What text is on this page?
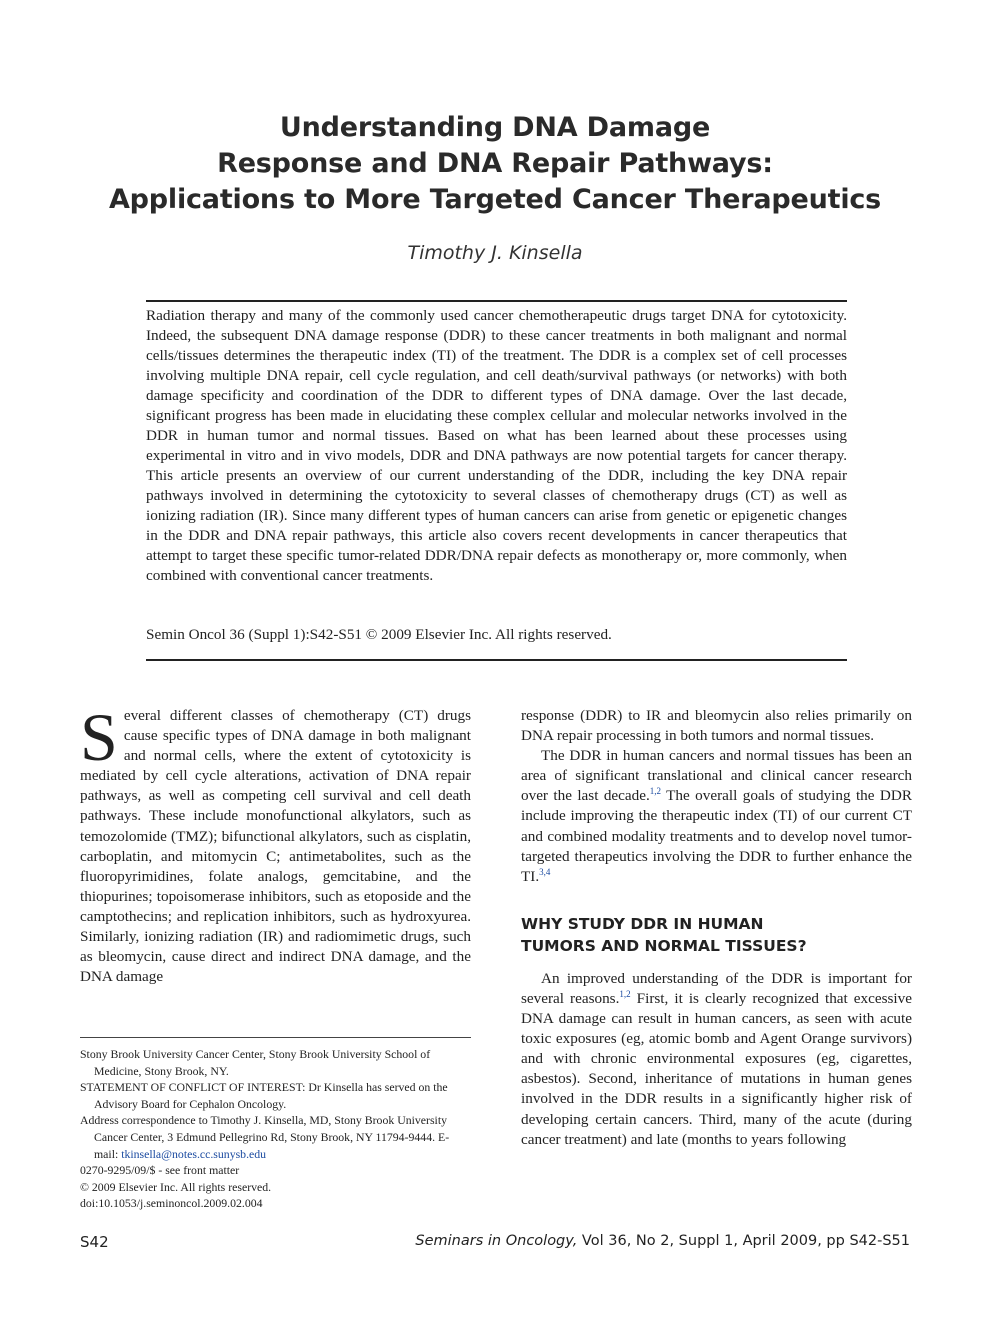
Understanding DNA Damage
Response and DNA Repair Pathways:
Applications to More Targeted Cancer Therapeutics
Timothy J. Kinsella
Radiation therapy and many of the commonly used cancer chemotherapeutic drugs target DNA for cytotoxicity. Indeed, the subsequent DNA damage response (DDR) to these cancer treatments in both malignant and normal cells/tissues determines the therapeutic index (TI) of the treatment. The DDR is a complex set of cell processes involving multiple DNA repair, cell cycle regulation, and cell death/survival pathways (or networks) with both damage specificity and coordination of the DDR to different types of DNA damage. Over the last decade, significant progress has been made in elucidating these complex cellular and molecular networks involved in the DDR in human tumor and normal tissues. Based on what has been learned about these processes using experimental in vitro and in vivo models, DDR and DNA pathways are now potential targets for cancer therapy. This article presents an overview of our current understanding of the DDR, including the key DNA repair pathways involved in determining the cytotoxicity to several classes of chemotherapy drugs (CT) as well as ionizing radiation (IR). Since many different types of human cancers can arise from genetic or epigenetic changes in the DDR and DNA repair pathways, this article also covers recent developments in cancer therapeutics that attempt to target these specific tumor-related DDR/DNA repair defects as monotherapy or, more commonly, when combined with conventional cancer treatments.
Semin Oncol 36 (Suppl 1):S42-S51 © 2009 Elsevier Inc. All rights reserved.

Several different classes of chemotherapy (CT) drugs cause specific types of DNA damage in both malignant and normal cells, where the extent of cytotoxicity is mediated by cell cycle alterations, activation of DNA repair pathways, as well as competing cell survival and cell death pathways. These include monofunctional alkylators, such as temozolomide (TMZ); bifunctional alkylators, such as cisplatin, carboplatin, and mitomycin C; antimetabolites, such as the fluoropyrimidines, folate analogs, gemcitabine, and the thiopurines; topoisomerase inhibitors, such as etoposide and the camptothecins; and replication inhibitors, such as hydroxyurea. Similarly, ionizing radiation (IR) and radiomimetic drugs, such as bleomycin, cause direct and indirect DNA damage, and the DNA damage

response (DDR) to IR and bleomycin also relies primarily on DNA repair processing in both tumors and normal tissues.

The DDR in human cancers and normal tissues has been an area of significant translational and clinical cancer research over the last decade.$^{1,2}$ The overall goals of studying the DDR include improving the therapeutic index (TI) of our current CT and combined modality treatments and to develop novel tumor-targeted therapeutics involving the DDR to further enhance the TI.$^{3,4}$

WHY STUDY DDR IN HUMAN
TUMORS AND NORMAL TISSUES?

An improved understanding of the DDR is important for several reasons.$^{1,2}$ First, it is clearly recognized that excessive DNA damage can result in human cancers, as seen with acute toxic exposures (eg, atomic bomb and Agent Orange survivors) and with chronic environmental exposures (eg, cigarettes, asbestos). Second, inheritance of mutations in human genes involved in the DDR results in a significantly higher risk of developing certain cancers. Third, many of the acute (during cancer treatment) and late (months to years following

Stony Brook University Cancer Center, Stony Brook University School of Medicine, Stony Brook, NY.
STATEMENT OF CONFLICT OF INTEREST: Dr Kinsella has served on the Advisory Board for Cephalon Oncology.
Address correspondence to Timothy J. Kinsella, MD, Stony Brook University Cancer Center, 3 Edmund Pellegrino Rd, Stony Brook, NY 11794-9444. E-mail: tkinsella@notes.cc.sunysb.edu
0270-9295/09/$ - see front matter
© 2009 Elsevier Inc. All rights reserved.
doi:10.1053/j.seminoncol.2009.02.004
S42	Seminars in Oncology, Vol 36, No 2, Suppl 1, April 2009, pp S42-S51
